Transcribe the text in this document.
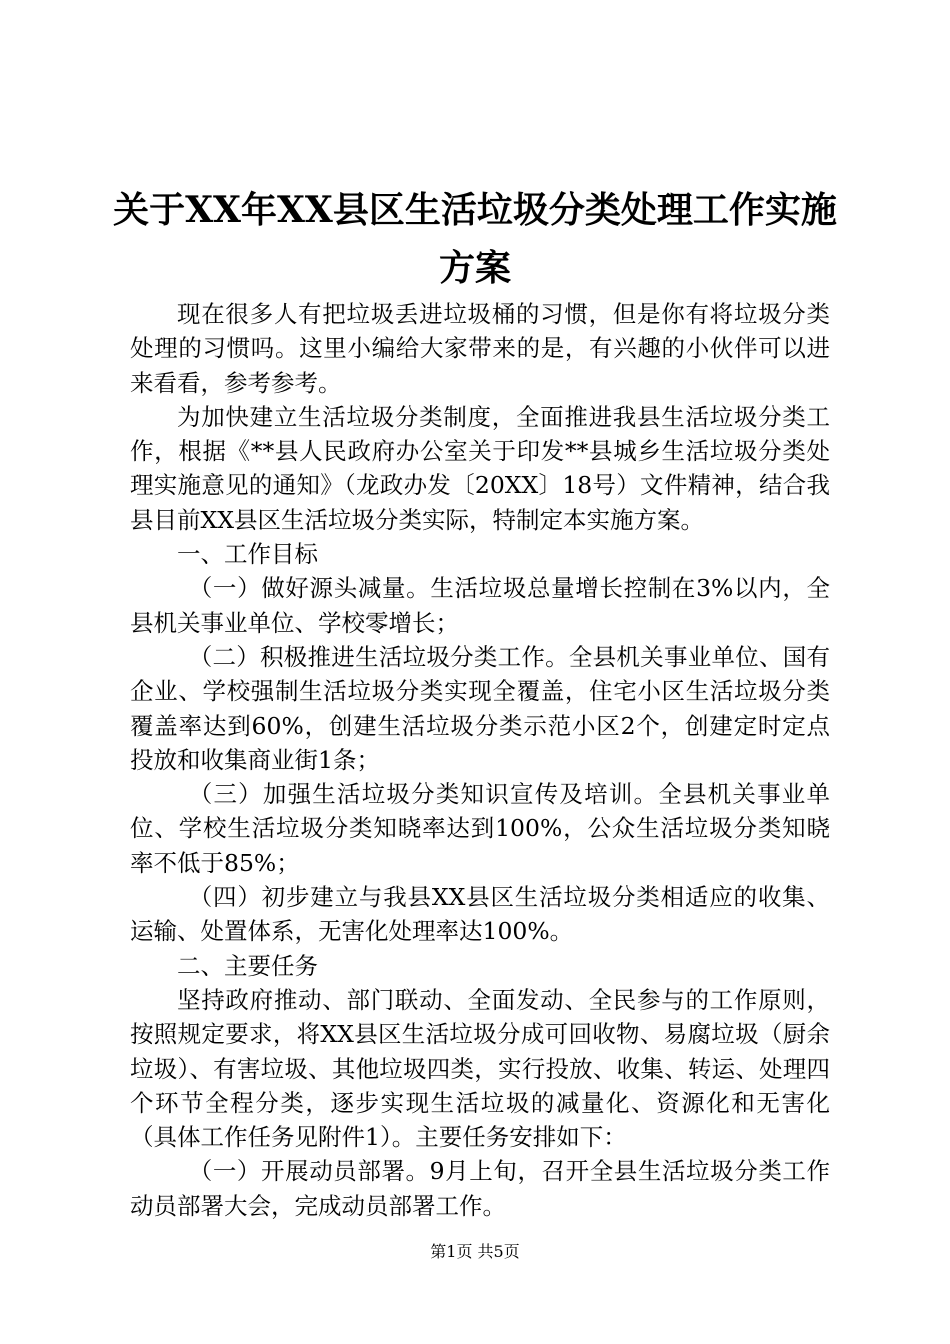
关于XX年XX县区生活垃圾分类处理工作实施
方案

现在很多人有把垃圾丢进垃圾桶的习惯，但是你有将垃圾分类处理的习惯吗。这里小编给大家带来的是，有兴趣的小伙伴可以进来看看，参考参考。

为加快建立生活垃圾分类制度，全面推进我县生活垃圾分类工作，根据《**县人民政府办公室关于印发**县城乡生活垃圾分类处理实施意见的通知》（龙政办发〔20XX〕18号）文件精神，结合我县目前XX县区生活垃圾分类实际，特制定本实施方案。

一、工作目标

（一）做好源头减量。生活垃圾总量增长控制在3%以内，全县机关事业单位、学校零增长；

（二）积极推进生活垃圾分类工作。全县机关事业单位、国有企业、学校强制生活垃圾分类实现全覆盖，住宅小区生活垃圾分类覆盖率达到60%，创建生活垃圾分类示范小区2个，创建定时定点投放和收集商业街1条；

（三）加强生活垃圾分类知识宣传及培训。全县机关事业单位、学校生活垃圾分类知晓率达到100%，公众生活垃圾分类知晓率不低于85%；

（四）初步建立与我县XX县区生活垃圾分类相适应的收集、运输、处置体系，无害化处理率达100%。

二、主要任务

坚持政府推动、部门联动、全面发动、全民参与的工作原则，按照规定要求，将XX县区生活垃圾分成可回收物、易腐垃圾（厨余垃圾）、有害垃圾、其他垃圾四类，实行投放、收集、转运、处理四个环节全程分类，逐步实现生活垃圾的减量化、资源化和无害化（具体工作任务见附件1）。主要任务安排如下：

（一）开展动员部署。9月上旬，召开全县生活垃圾分类工作动员部署大会，完成动员部署工作。

第1页 共5页
